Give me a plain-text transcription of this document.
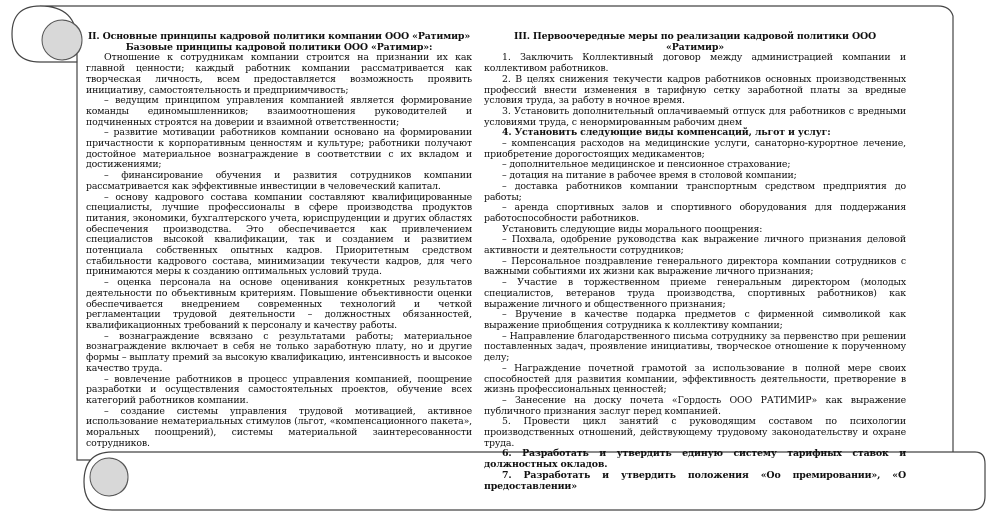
II. Основные принципы кадровой политики компании ООО «Ратимир»

Базовые принципы кадровой политики ООО «Ратимир»:

Отношение к сотрудникам компании строится на признании их как главной ценности; каждый работник компании рассматривается как творческая личность, всем предоставляется возможность проявить инициативу, самостоятельность и предприимчивость;

– ведущим принципом управления компанией является формирование команды единомышленников; взаимоотношения руководителей и подчиненных строятся на доверии и взаимной ответственности;

– развитие мотивации работников компании основано на формировании причастности к корпоративным ценностям и культуре; работники получают достойное материальное вознаграждение в соответствии с их вкладом и достижениями;

– финансирование обучения и развития сотрудников компании рассматривается как эффективные инвестиции в человеческий капитал.

– основу кадрового состава компании составляют квалифицированные специалисты, лучшие профессионалы в сфере производства продуктов питания, экономики, бухгалтерского учета, юриспруденции и других областях обеспечения производства. Это обеспечивается как привлечением специалистов высокой квалификации, так и созданием и развитием потенциала собственных опытных кадров. Приоритетным средством стабильности кадрового состава, минимизации текучести кадров, для чего принимаются меры к созданию оптимальных условий труда.

– оценка персонала на основе оценивания конкретных результатов деятельности по объективным критериям. Повышение объективности оценки обеспечивается внедрением современных технологий и четкой регламентации трудовой деятельности – должностных обязанностей, квалификационных требований к персоналу и качеству работы.

– вознаграждение всвязано с результатами работы; материальное вознаграждение включает в себя не только заработную плату, но и другие формы – выплату премий за высокую квалификацию, интенсивность и высокое качество труда.

– вовлечение работников в процесс управления компанией, поощрение разработки и осуществления самостоятельных проектов, обучение всех категорий работников компании.

– создание системы управления трудовой мотивацией, активное использование нематериальных стимулов (льгот, «компенсационного пакета», моральных поощрений), системы материальной заинтересованности сотрудников.

III. Первоочередные меры по реализации кадровой политики ООО «Ратимир»

1. Заключить Коллективный договор между администрацией компании и коллективом работников.

2. В целях снижения текучести кадров работников основных производственных профессий внести изменения в тарифную сетку заработной платы за вредные условия труда, за работу в ночное время.

3. Установить дополнительный оплачиваемый отпуск для работников с вредными условиями труда, с ненормированным рабочим днем

4. Установить следующие виды компенсаций, льгот и услуг:

– компенсация расходов на медицинские услуги, санаторно-курортное лечение, приобретение дорогостоящих медикаментов;

– дополнительное медицинское и пенсионное страхование;

– дотация на питание в рабочее время в столовой компании;

– доставка работников компании транспортным средством предприятия до работы;

– аренда спортивных залов и спортивного оборудования для поддержания работоспособности работников.

Установить следующие виды морального поощрения:

– Похвала, одобрение руководства как выражение личного признания деловой активности и деятельности сотрудников;

– Персональное поздравление генерального директора компании сотрудников с важными событиями их жизни как выражение личного признания;

– Участие в торжественном приеме генеральным директором (молодых специалистов, ветеранов труда производства, спортивных работников) как выражение личного и общественного признания;

– Вручение в качестве подарка предметов с фирменной символикой как выражение приобщения сотрудника к коллективу компании;

– Направление благодарственного письма сотруднику за первенство при решении поставленных задач, проявление инициативы, творческое отношение к порученному делу;

– Награждение почетной грамотой за использование в полной мере своих способностей для развития компании, эффективность деятельности, претворение в жизнь профессиональных ценностей;

– Занесение на доску почета «Гордость ООО РАТИМИР» как выражение публичного признания заслуг перед компанией.

5. Провести цикл занятий с руководящим составом по психологии производственных отношений, действующему трудовому законодательству и охране труда.

6. Разработать и утвердить единую систему тарифных ставок и должностных окладов.

7. Разработать и утвердить положения «Оо премировании», «О предоставлении»
